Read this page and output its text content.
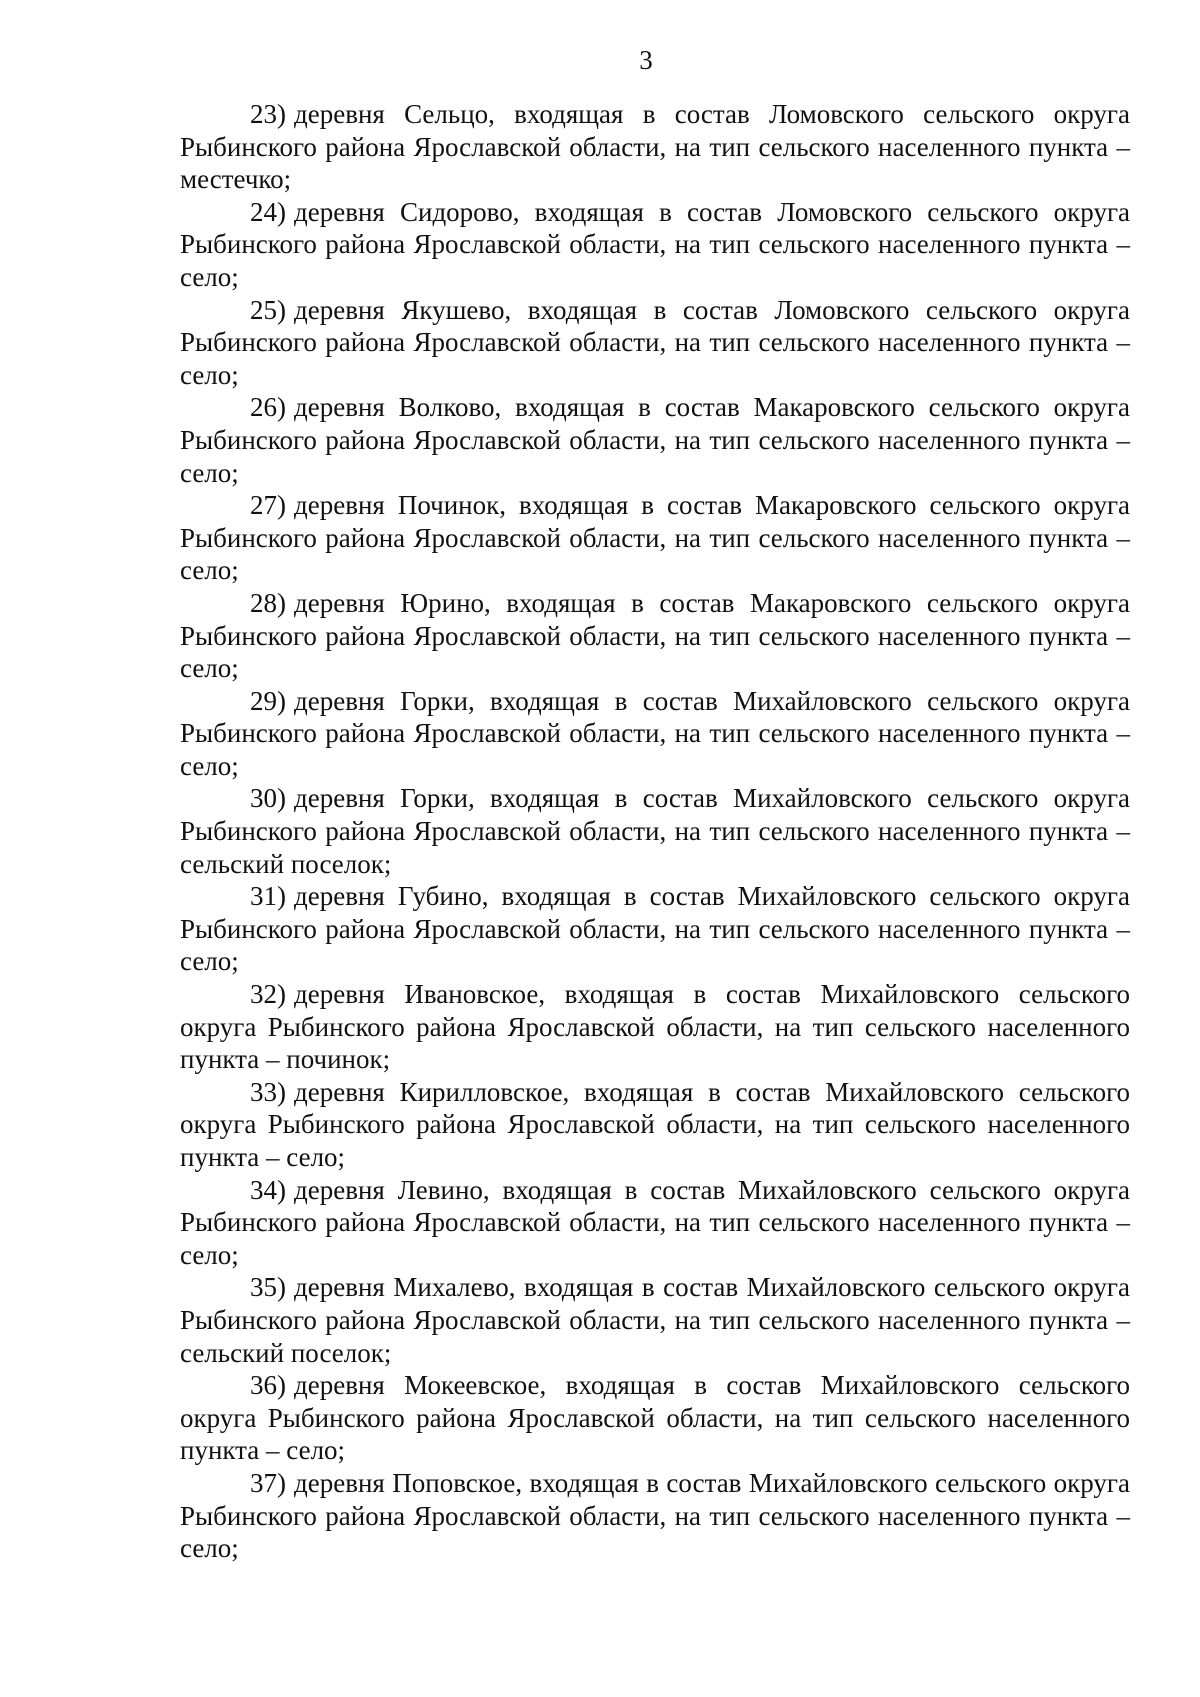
3

23) деревня Сельцо, входящая в состав Ломовского сельского округа Рыбинского района Ярославской области, на тип сельского населенного пункта – местечко;

24) деревня Сидорово, входящая в состав Ломовского сельского округа Рыбинского района Ярославской области, на тип сельского населенного пункта – село;

25) деревня Якушево, входящая в состав Ломовского сельского округа Рыбинского района Ярославской области, на тип сельского населенного пункта – село;

26) деревня Волково, входящая в состав Макаровского сельского округа Рыбинского района Ярославской области, на тип сельского населенного пункта – село;

27) деревня Починок, входящая в состав Макаровского сельского округа Рыбинского района Ярославской области, на тип сельского населенного пункта – село;

28) деревня Юрино, входящая в состав Макаровского сельского округа Рыбинского района Ярославской области, на тип сельского населенного пункта – село;

29) деревня Горки, входящая в состав Михайловского сельского округа Рыбинского района Ярославской области, на тип сельского населенного пункта – село;

30) деревня Горки, входящая в состав Михайловского сельского округа Рыбинского района Ярославской области, на тип сельского населенного пункта – сельский поселок;

31) деревня Губино, входящая в состав Михайловского сельского округа Рыбинского района Ярославской области, на тип сельского населенного пункта – село;

32) деревня Ивановское, входящая в состав Михайловского сельского округа Рыбинского района Ярославской области, на тип сельского населенного пункта – починок;

33) деревня Кирилловское, входящая в состав Михайловского сельского округа Рыбинского района Ярославской области, на тип сельского населенного пункта – село;

34) деревня Левино, входящая в состав Михайловского сельского округа Рыбинского района Ярославской области, на тип сельского населенного пункта – село;

35) деревня Михалево, входящая в состав Михайловского сельского округа Рыбинского района Ярославской области, на тип сельского населенного пункта – сельский поселок;

36) деревня Мокеевское, входящая в состав Михайловского сельского округа Рыбинского района Ярославской области, на тип сельского населенного пункта – село;

37) деревня Поповское, входящая в состав Михайловского сельского округа Рыбинского района Ярославской области, на тип сельского населенного пункта – село;
